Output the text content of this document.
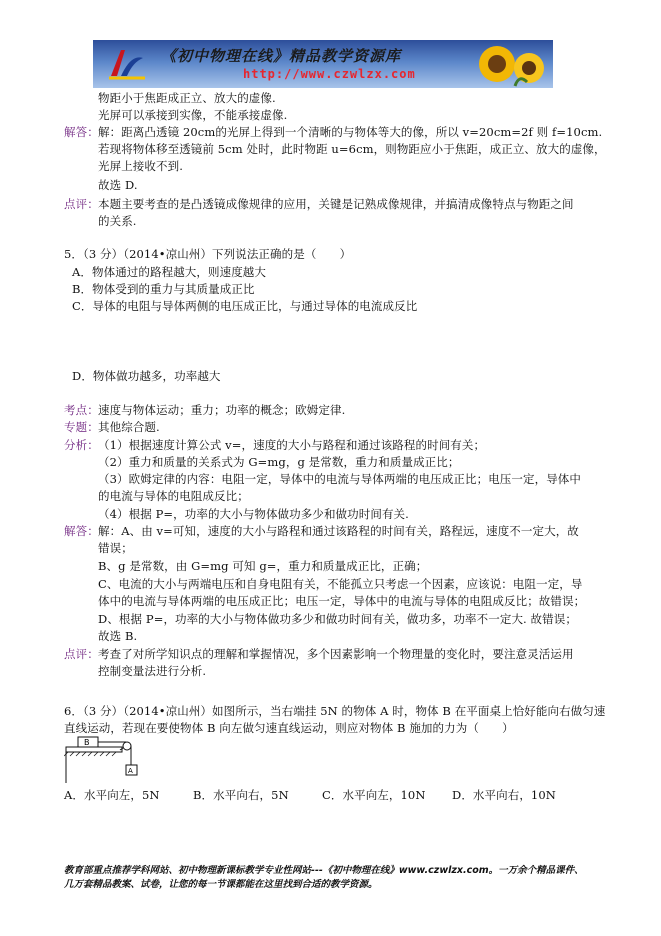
《初中物理在线》精品教学资源库
http://www.czwlzx.com
物距小于焦距成正立、放大的虚像.
光屏可以承接到实像，不能承接虚像.
解答： 解：距离凸透镜 20cm的光屏上得到一个清晰的与物体等大的像，所以 v=20cm=2f 则 f=10cm.
若现将物体移至透镜前 5cm 处时，此时物距 u=6cm，则物距应小于焦距，成正立、放大的虚像，
光屏上接收不到.
故选 D.
点评： 本题主要考查的是凸透镜成像规律的应用，关键是记熟成像规律，并搞清成像特点与物距之间
的关系.
5．（3 分）（2014•凉山州）下列说法正确的是（　　）
A．物体通过的路程越大，则速度越大
B．物体受到的重力与其质量成正比
C．导体的电阻与导体两侧的电压成正比，与通过导体的电流成反比
D．物体做功越多，功率越大
考点： 速度与物体运动；重力；功率的概念；欧姆定律.
专题： 其他综合题.
分析： （1）根据速度计算公式 v=，速度的大小与路程和通过该路程的时间有关；
（2）重力和质量的关系式为 G=mg，g 是常数，重力和质量成正比；
（3）欧姆定律的内容：电阻一定，导体中的电流与导体两端的电压成正比；电压一定，导体中
的电流与导体的电阻成反比；
（4）根据 P=，功率的大小与物体做功多少和做功时间有关.
解答： 解：A、由 v=可知，速度的大小与路程和通过该路程的时间有关，路程远，速度不一定大，故
错误；
B、g 是常数，由 G=mg 可知 g=，重力和质量成正比，正确；
C、电流的大小与两端电压和自身电阻有关，不能孤立只考虑一个因素，应该说：电阻一定，导
体中的电流与导体两端的电压成正比；电压一定，导体中的电流与导体的电阻成反比；故错误；
D、根据 P=，功率的大小与物体做功多少和做功时间有关，做功多，功率不一定大. 故错误；
故选 B.
点评： 考查了对所学知识点的理解和掌握情况，多个因素影响一个物理量的变化时，要注意灵活运用
控制变量法进行分析.
6．（3 分）（2014•凉山州）如图所示，当右端挂 5N 的物体 A 时，物体 B 在平面桌上恰好能向右做匀速
直线运动，若现在要使物体 B 向左做匀速直线运动，则应对物体 B 施加的力为（　　）
B
A
A．水平向左，5N	B．水平向右，5N	C．水平向左，10N D．水平向右，10N
教育部重点推荐学科网站、初中物理新课标教学专业性网站---《初中物理在线》www.czwlzx.com。一万余个精品课件、
几万套精品教案、试卷，让您的每一节课都能在这里找到合适的教学资源。
